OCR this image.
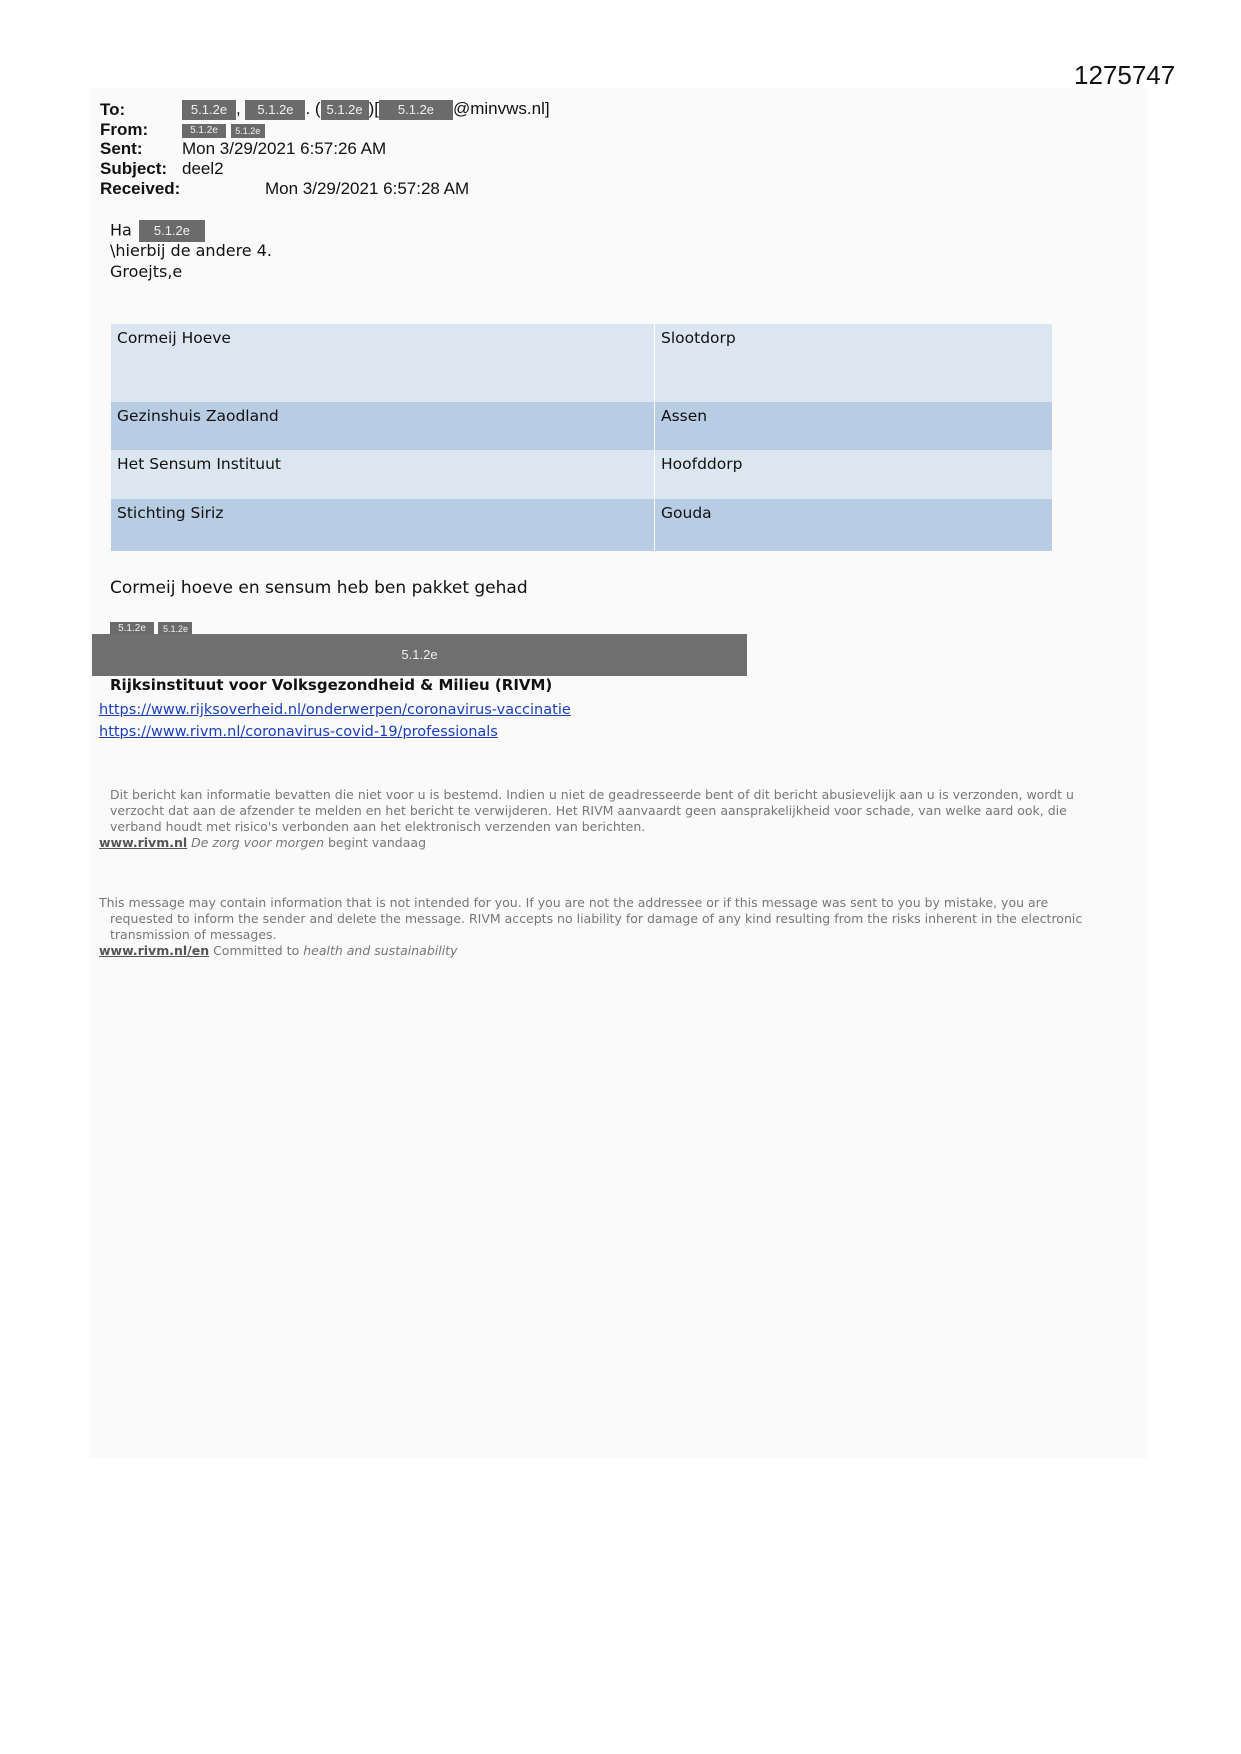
1275747
To:	5.1.2e , 5.1.2e . ( 5.1.2e )[ 5.1.2e @minvws.nl]
From:	5.1.2e 5.1.2e
Sent: Mon 3/29/2021 6:57:26 AM
Subject: deel2
Received:	Mon 3/29/2021 6:57:28 AM
Ha 5.1.2e
\hierbij de andere 4.
Groejts,e
Cormeij Hoeve	Slootdorp
Gezinshuis Zaodland	Assen
Het Sensum Instituut	Hoofddorp
Stichting Siriz	Gouda
Cormeij hoeve en sensum heb ben pakket gehad
5.1.2e 5.1.2e
5.1.2e
Rijksinstituut voor Volksgezondheid & Milieu (RIVM)
https://www.rijksoverheid.nl/onderwerpen/coronavirus-vaccinatie
https://www.rivm.nl/coronavirus-covid-19/professionals

Dit bericht kan informatie bevatten die niet voor u is bestemd. Indien u niet de geadresseerde bent of dit bericht abusievelijk aan u is verzonden, wordt u

verzocht dat aan de afzender te melden en het bericht te verwijderen. Het RIVM aanvaardt geen aansprakelijkheid voor schade, van welke aard ook, die

verband houdt met risico's verbonden aan het elektronisch verzenden van berichten.

www.rivm.nl De zorg voor morgen begint vandaag

This message may contain information that is not intended for you. If you are not the addressee or if this message was sent to you by mistake, you are

requested to inform the sender and delete the message. RIVM accepts no liability for damage of any kind resulting from the risks inherent in the electronic

transmission of messages.

www.rivm.nl/en Committed to health and sustainability
